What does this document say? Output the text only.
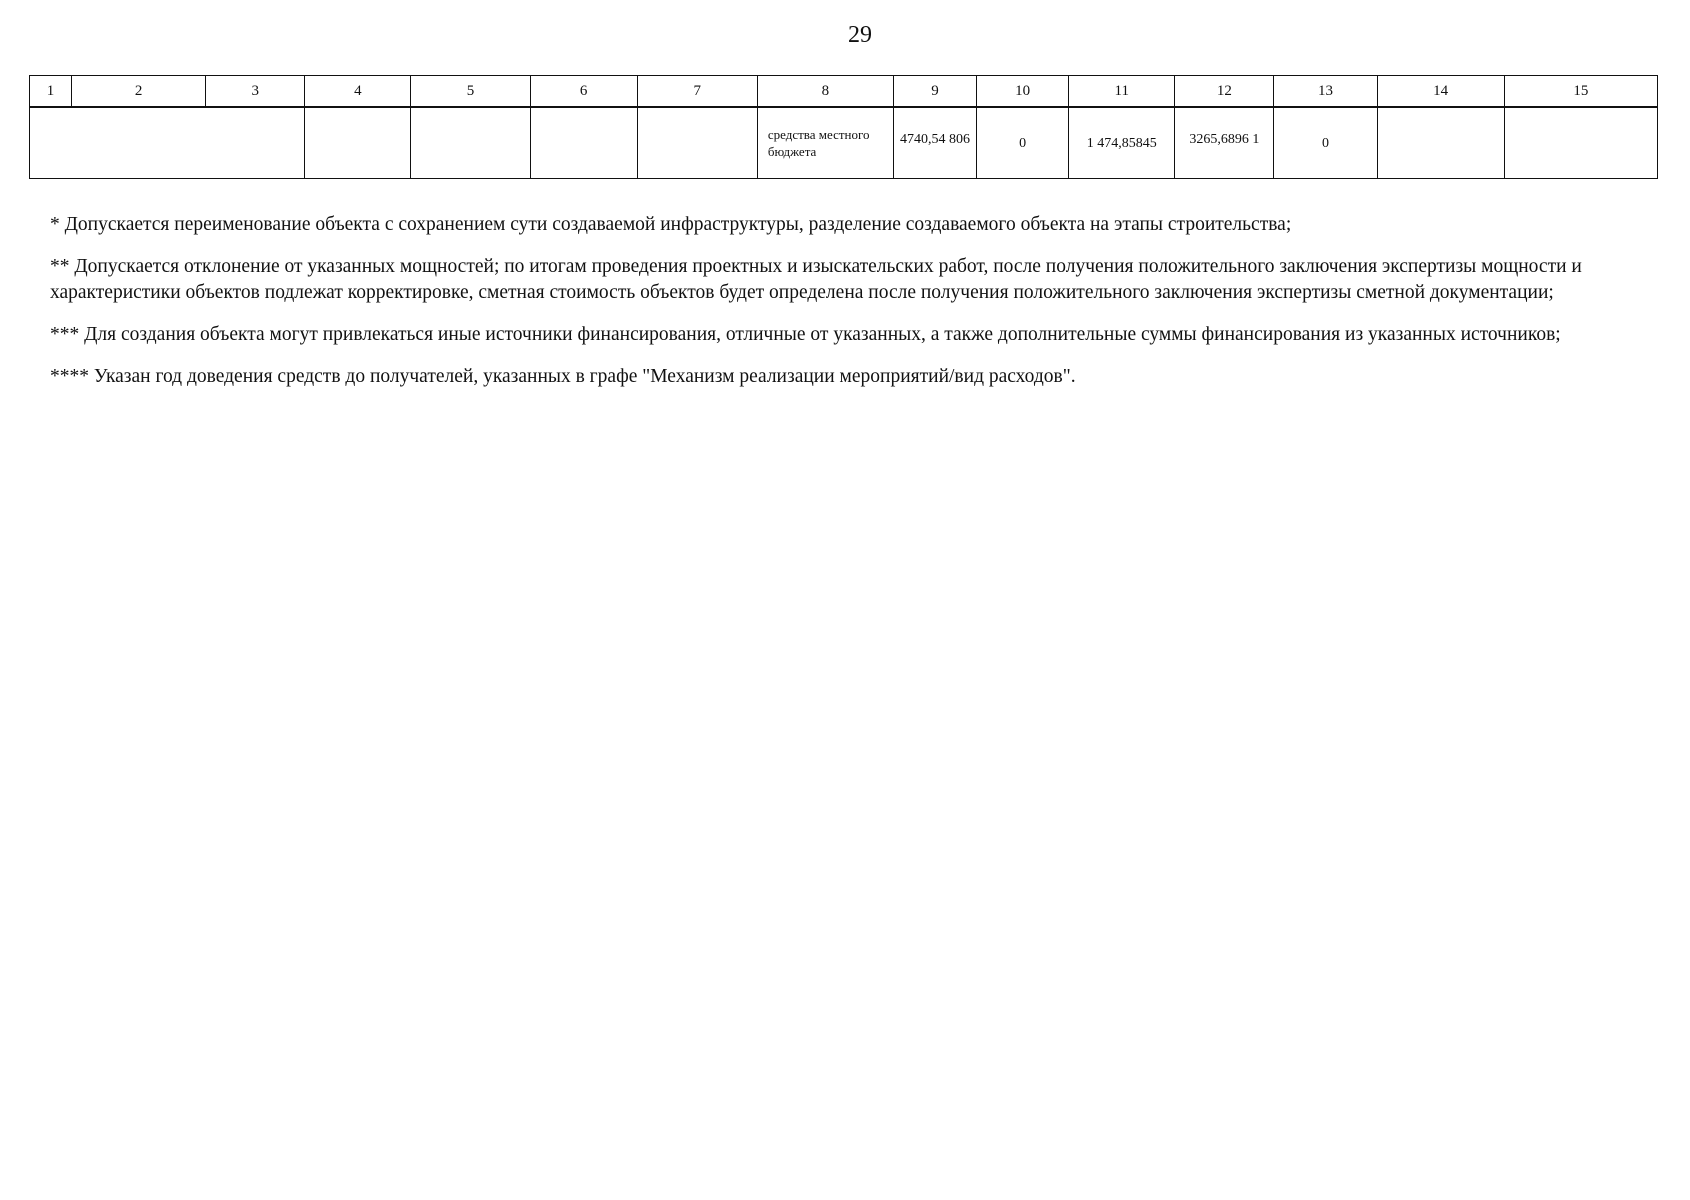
29
1	2	3	4	5	6	7	8	9	10	11	12	13	14	15
							средства местного бюджета	4740,54 806	0	1 474,85845	3265,6896 1	0		

* Допускается переименование объекта с сохранением сути создаваемой инфраструктуры, разделение создаваемого объекта на этапы строительства;

** Допускается отклонение от указанных мощностей; по итогам проведения проектных и изыскательских работ, после получения положительного заключения экспертизы мощности и характеристики объектов подлежат корректировке, сметная стоимость объектов будет определена после получения положительного заключения экспертизы сметной документации;

*** Для создания объекта могут привлекаться иные источники финансирования, отличные от указанных, а также дополнительные суммы финансирования из указанных источников;

**** Указан год доведения средств до получателей, указанных в графе "Механизм реализации мероприятий/вид расходов".
